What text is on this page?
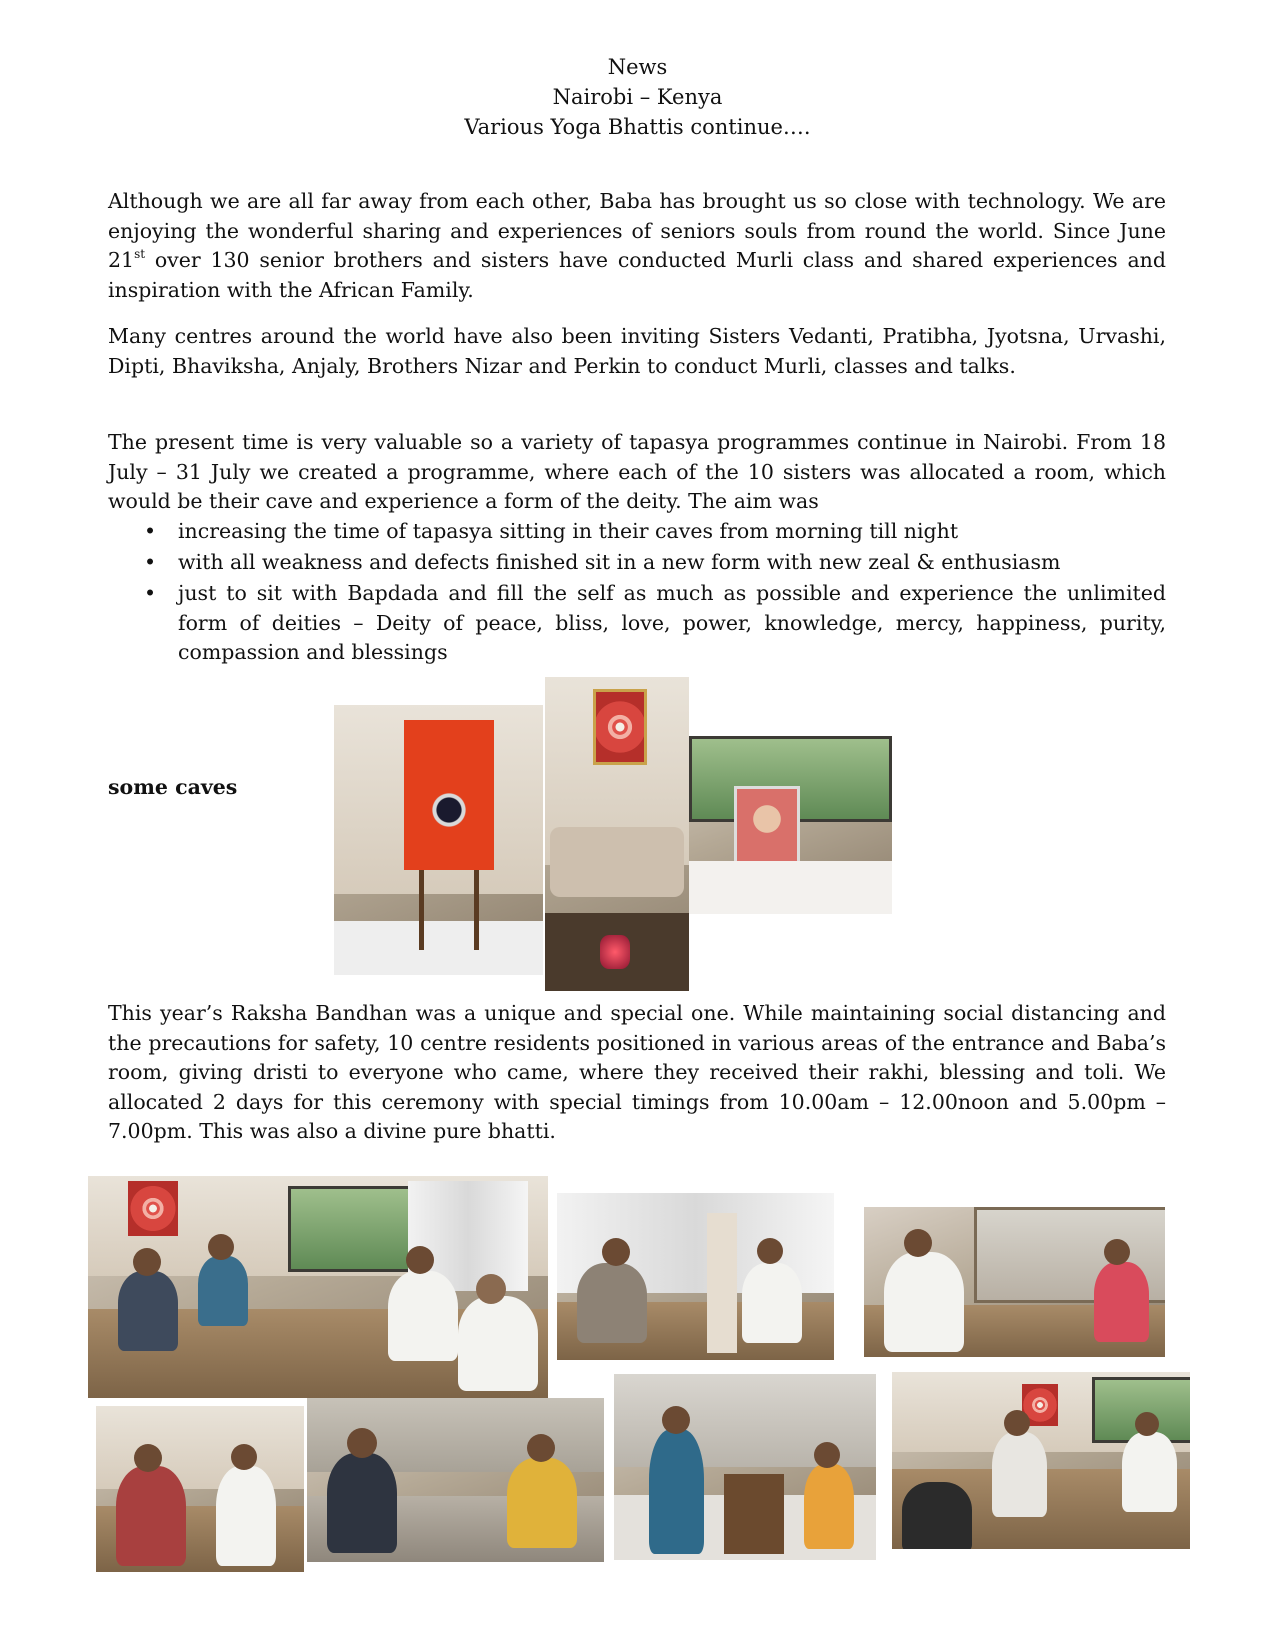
News
Nairobi – Kenya
Various Yoga Bhattis continue….

Although we are all far away from each other, Baba has brought us so close with technology. We are enjoying the wonderful sharing and experiences of seniors souls from round the world. Since June 21st over 130 senior brothers and sisters have conducted Murli class and shared experiences and inspiration with the African Family.

Many centres around the world have also been inviting Sisters Vedanti, Pratibha, Jyotsna, Urvashi, Dipti, Bhaviksha, Anjaly, Brothers Nizar and Perkin to conduct Murli, classes and talks.

The present time is very valuable so a variety of tapasya programmes continue in Nairobi. From 18 July – 31 July we created a programme, where each of the 10 sisters was allocated a room, which would be their cave and experience a form of the deity. The aim was

• increasing the time of tapasya sitting in their caves from morning till night
• with all weakness and defects finished sit in a new form with new zeal & enthusiasm
• just to sit with Bapdada and fill the self as much as possible and experience the unlimited form of deities – Deity of peace, bliss, love, power, knowledge, mercy, happiness, purity, compassion and blessings
some caves

This year’s Raksha Bandhan was a unique and special one. While maintaining social distancing and the precautions for safety, 10 centre residents positioned in various areas of the entrance and Baba’s room, giving dristi to everyone who came, where they received their rakhi, blessing and toli. We allocated 2 days for this ceremony with special timings from 10.00am – 12.00noon and 5.00pm – 7.00pm. This was also a divine pure bhatti.
